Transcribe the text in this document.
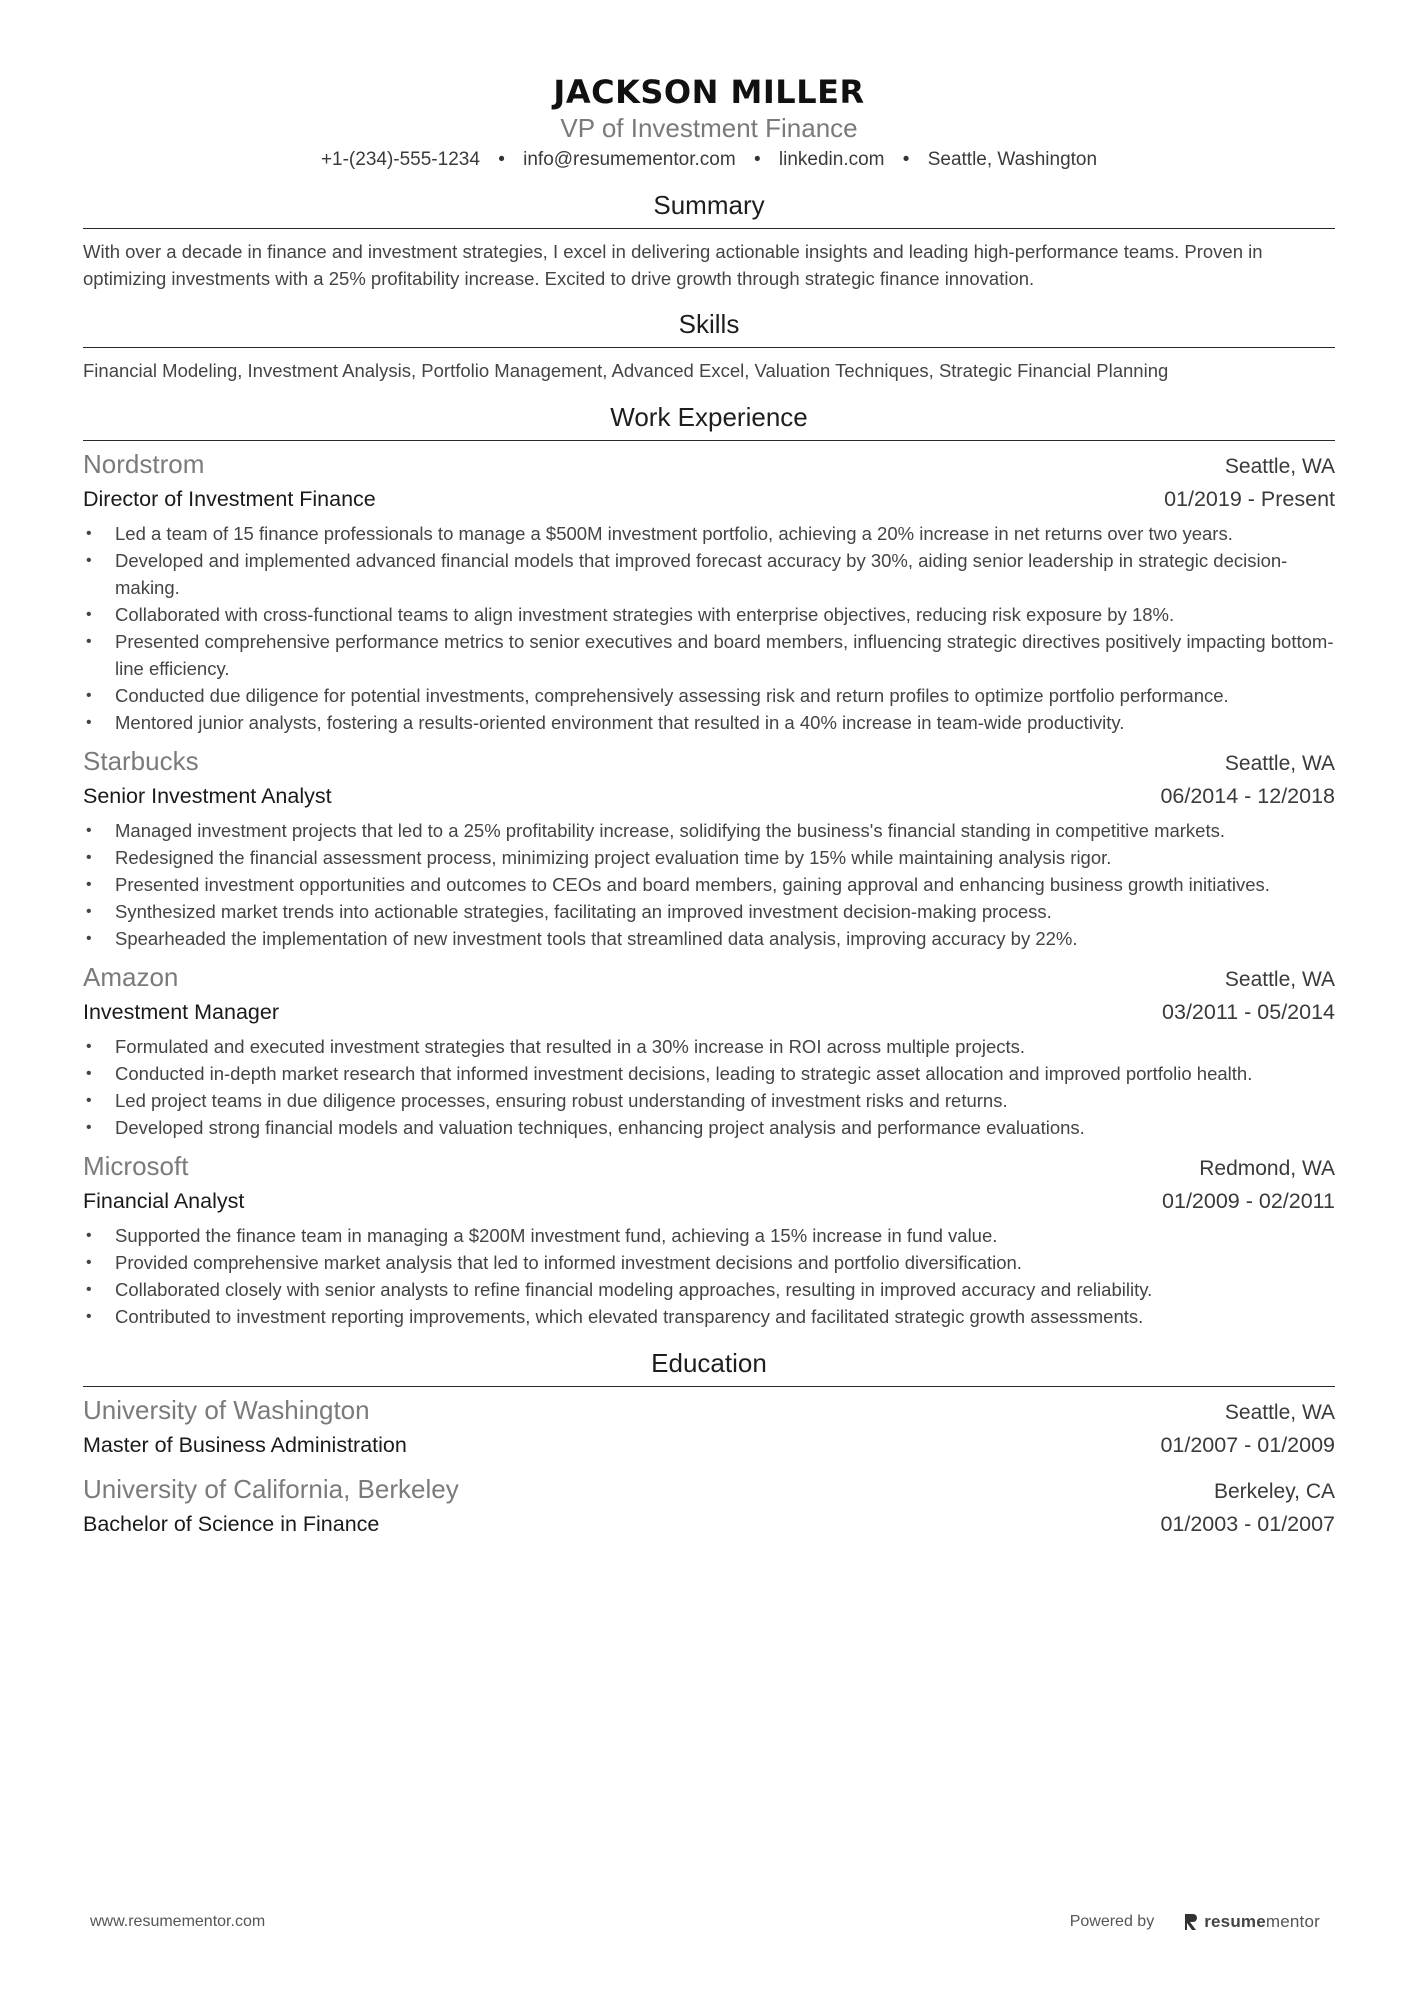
JACKSON MILLER
VP of Investment Finance
+1-(234)-555-1234 • info@resumementor.com • linkedin.com • Seattle, Washington
Summary
With over a decade in finance and investment strategies, I excel in delivering actionable insights and leading high-performance teams. Proven in optimizing investments with a 25% profitability increase. Excited to drive growth through strategic finance innovation.
Skills
Financial Modeling, Investment Analysis, Portfolio Management, Advanced Excel, Valuation Techniques, Strategic Financial Planning
Work Experience
Nordstrom	Seattle, WA
Director of Investment Finance	01/2019 - Present
• Led a team of 15 finance professionals to manage a $500M investment portfolio, achieving a 20% increase in net returns over two years.
• Developed and implemented advanced financial models that improved forecast accuracy by 30%, aiding senior leadership in strategic decision-making.
• Collaborated with cross-functional teams to align investment strategies with enterprise objectives, reducing risk exposure by 18%.
• Presented comprehensive performance metrics to senior executives and board members, influencing strategic directives positively impacting bottom-line efficiency.
• Conducted due diligence for potential investments, comprehensively assessing risk and return profiles to optimize portfolio performance.
• Mentored junior analysts, fostering a results-oriented environment that resulted in a 40% increase in team-wide productivity.
Starbucks	Seattle, WA
Senior Investment Analyst	06/2014 - 12/2018
• Managed investment projects that led to a 25% profitability increase, solidifying the business's financial standing in competitive markets.
• Redesigned the financial assessment process, minimizing project evaluation time by 15% while maintaining analysis rigor.
• Presented investment opportunities and outcomes to CEOs and board members, gaining approval and enhancing business growth initiatives.
• Synthesized market trends into actionable strategies, facilitating an improved investment decision-making process.
• Spearheaded the implementation of new investment tools that streamlined data analysis, improving accuracy by 22%.
Amazon	Seattle, WA
Investment Manager	03/2011 - 05/2014
• Formulated and executed investment strategies that resulted in a 30% increase in ROI across multiple projects.
• Conducted in-depth market research that informed investment decisions, leading to strategic asset allocation and improved portfolio health.
• Led project teams in due diligence processes, ensuring robust understanding of investment risks and returns.
• Developed strong financial models and valuation techniques, enhancing project analysis and performance evaluations.
Microsoft	Redmond, WA
Financial Analyst	01/2009 - 02/2011
• Supported the finance team in managing a $200M investment fund, achieving a 15% increase in fund value.
• Provided comprehensive market analysis that led to informed investment decisions and portfolio diversification.
• Collaborated closely with senior analysts to refine financial modeling approaches, resulting in improved accuracy and reliability.
• Contributed to investment reporting improvements, which elevated transparency and facilitated strategic growth assessments.
Education
University of Washington	Seattle, WA
Master of Business Administration	01/2007 - 01/2009
University of California, Berkeley	Berkeley, CA
Bachelor of Science in Finance	01/2003 - 01/2007
www.resumementor.com	Powered by	resumementor
